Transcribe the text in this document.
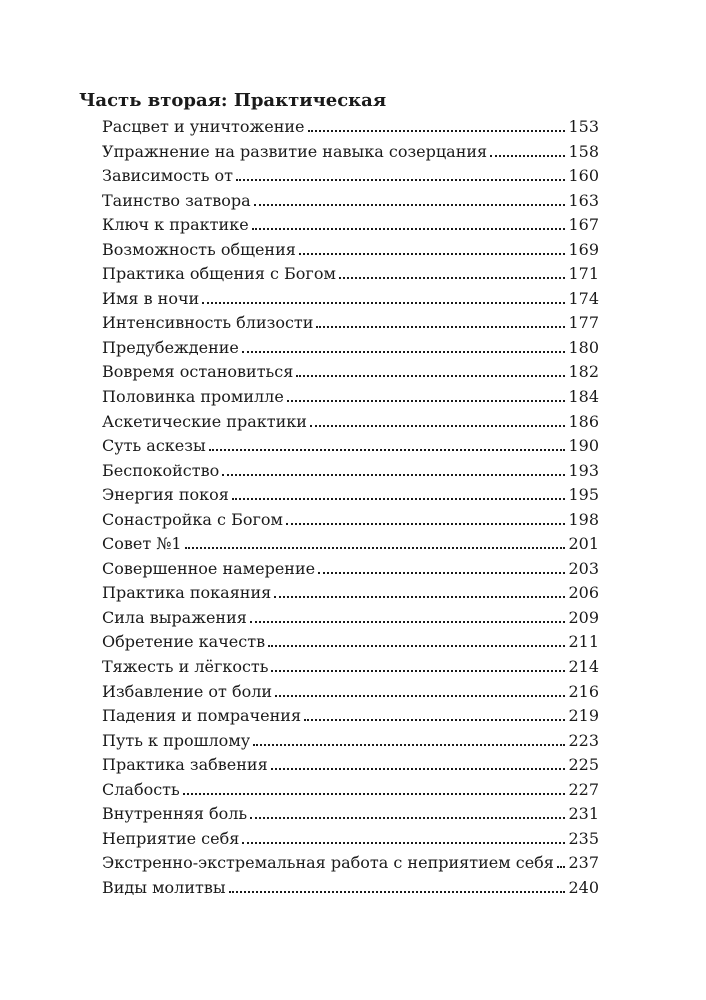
Часть вторая: Практическая
Расцвет и уничтожение	153
Упражнение на развитие навыка созерцания	158
Зависимость от	160
Таинство затвора	163
Ключ к практике	167
Возможность общения	169
Практика общения с Богом	171
Имя в ночи	174
Интенсивность близости	177
Предубеждение	180
Вовремя остановиться	182
Половинка промилле	184
Аскетические практики	186
Суть аскезы	190
Беспокойство	193
Энергия покоя	195
Сонастройка с Богом	198
Совет №1	201
Совершенное намерение	203
Практика покаяния	206
Сила выражения	209
Обретение качеств	211
Тяжесть и лёгкость	214
Избавление от боли	216
Падения и помрачения	219
Путь к прошлому	223
Практика забвения	225
Слабость	227
Внутренняя боль	231
Неприятие себя	235
Экстренно-экстремальная работа с неприятием себя 237
Виды молитвы	240
